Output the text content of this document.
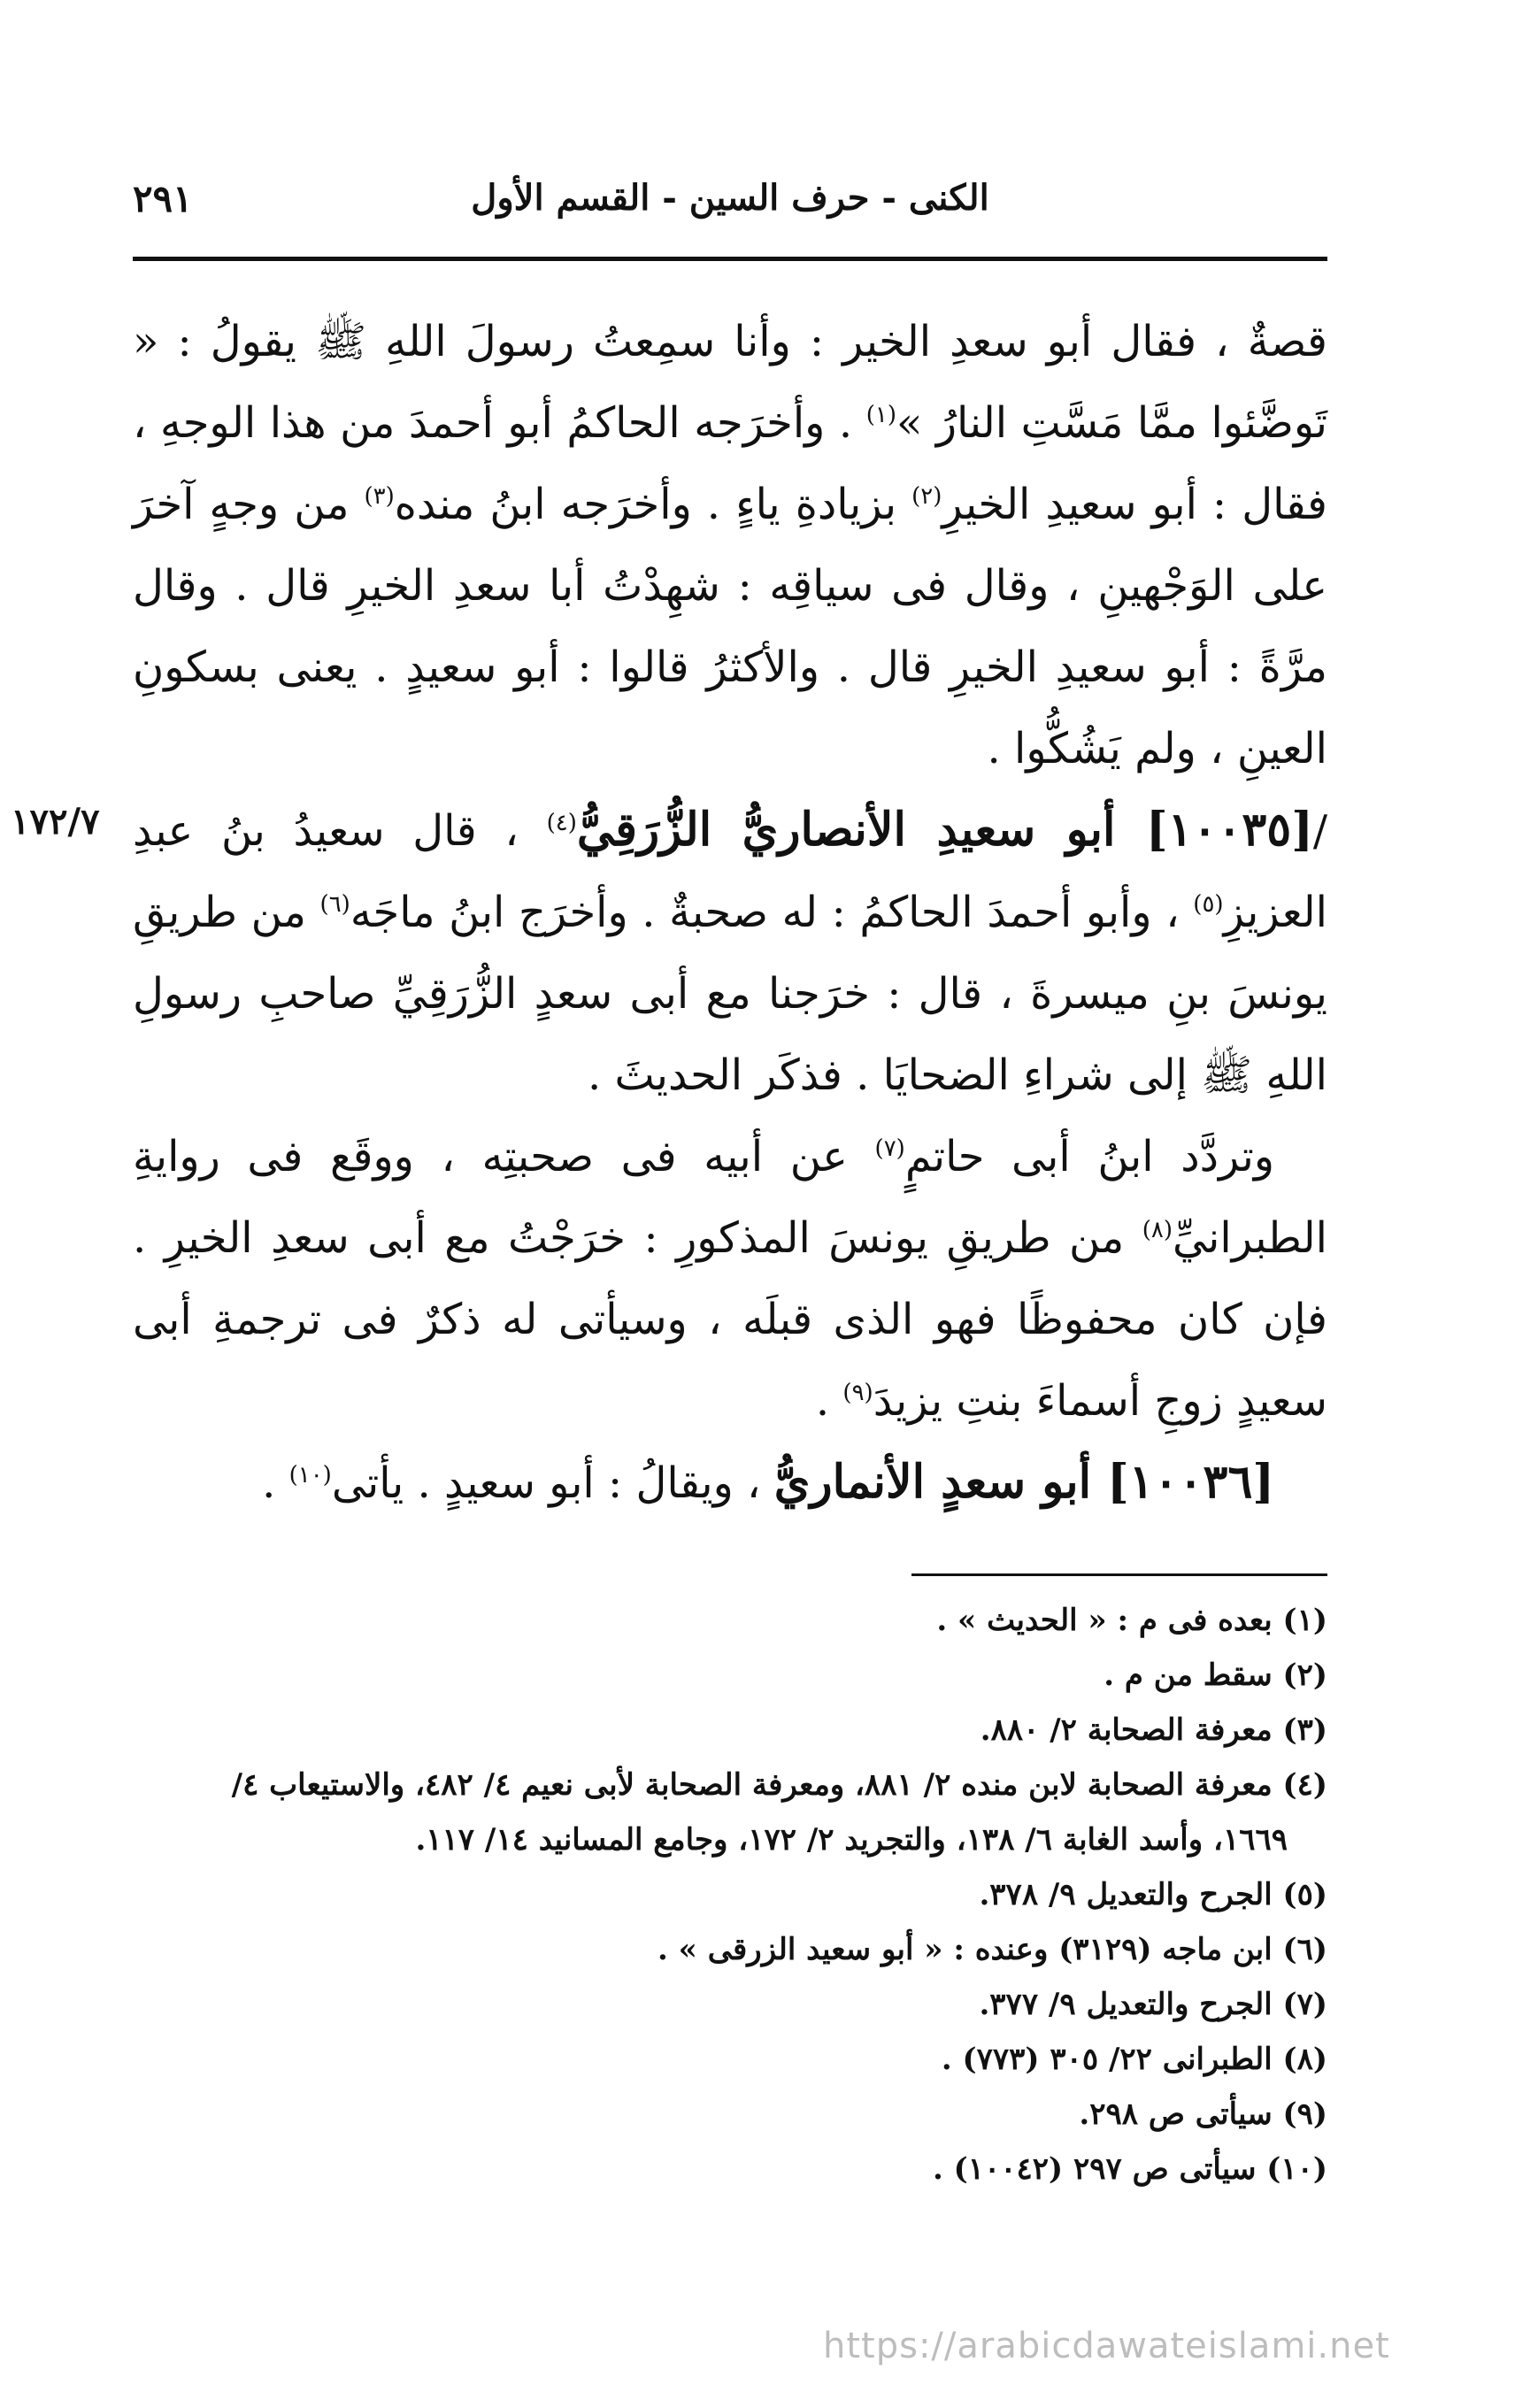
الكنى - حرف السين - القسم الأول
٢٩١

قصةٌ ، فقال أبو سعدِ الخير : وأنا سمِعتُ رسولَ اللهِ ﷺ يقولُ : « تَوضَّئوا ممَّا مَسَّتِ النارُ »$^{(١)}$ . وأخرَجه الحاكمُ أبو أحمدَ من هذا الوجهِ ، فقال : أبو سعيدِ الخيرِ$^{(٢)}$ بزيادةِ ياءٍ . وأخرَجه ابنُ منده$^{(٣)}$ من وجهٍ آخرَ على الوَجْهينِ ، وقال فى سياقِه : شهِدْتُ أبا سعدِ الخيرِ قال . وقال مرَّةً : أبو سعيدِ الخيرِ قال . والأكثرُ قالوا : أبو سعيدٍ . يعنى بسكونِ العينِ ، ولم يَشُكُّوا .

/[١٠٠٣٥] أبو سعيدِ الأنصاريُّ الزُّرَقِيُّ$^{(٤)}$ ، قال سعيدُ بنُ عبدِ العزيزِ$^{(٥)}$ ، وأبو أحمدَ الحاكمُ : له صحبةٌ . وأخرَج ابنُ ماجَه$^{(٦)}$ من طريقِ يونسَ بنِ ميسرةَ ، قال : خرَجنا مع أبى سعدٍ الزُّرَقِيِّ صاحبِ رسولِ اللهِ ﷺ إلى شراءِ الضحايَا . فذكَر الحديثَ .

وتردَّد ابنُ أبى حاتمٍ$^{(٧)}$ عن أبيه فى صحبتِه ، ووقَع فى روايةِ الطبرانيِّ$^{(٨)}$ من طريقِ يونسَ المذكورِ : خرَجْتُ مع أبى سعدِ الخيرِ . فإن كان محفوظًا فهو الذى قبلَه ، وسيأتى له ذكرٌ فى ترجمةِ أبى سعيدٍ زوجِ أسماءَ بنتِ يزيدَ$^{(٩)}$ .

[١٠٠٣٦] أبو سعدٍ الأنماريُّ ، ويقالُ : أبو سعيدٍ . يأتى$^{(١٠)}$ .

١٧٢/٧

(١) بعده فى م : « الحديث » .

(٢) سقط من م .

(٣) معرفة الصحابة ٢/ ٨٨٠.

(٤) معرفة الصحابة لابن منده ٢/ ٨٨١، ومعرفة الصحابة لأبى نعيم ٤/ ٤٨٢، والاستيعاب ٤/

١٦٦٩، وأسد الغابة ٦/ ١٣٨، والتجريد ٢/ ١٧٢، وجامع المسانيد ١٤/ ١١٧.

(٥) الجرح والتعديل ٩/ ٣٧٨.

(٦) ابن ماجه (٣١٢٩) وعنده : « أبو سعيد الزرقى » .

(٧) الجرح والتعديل ٩/ ٣٧٧.

(٨) الطبرانى ٢٢/ ٣٠٥ (٧٧٣) .

(٩) سيأتى ص ٢٩٨.

(١٠) سيأتى ص ٢٩٧ (١٠٠٤٢) .

https://arabicdawateislami.net
